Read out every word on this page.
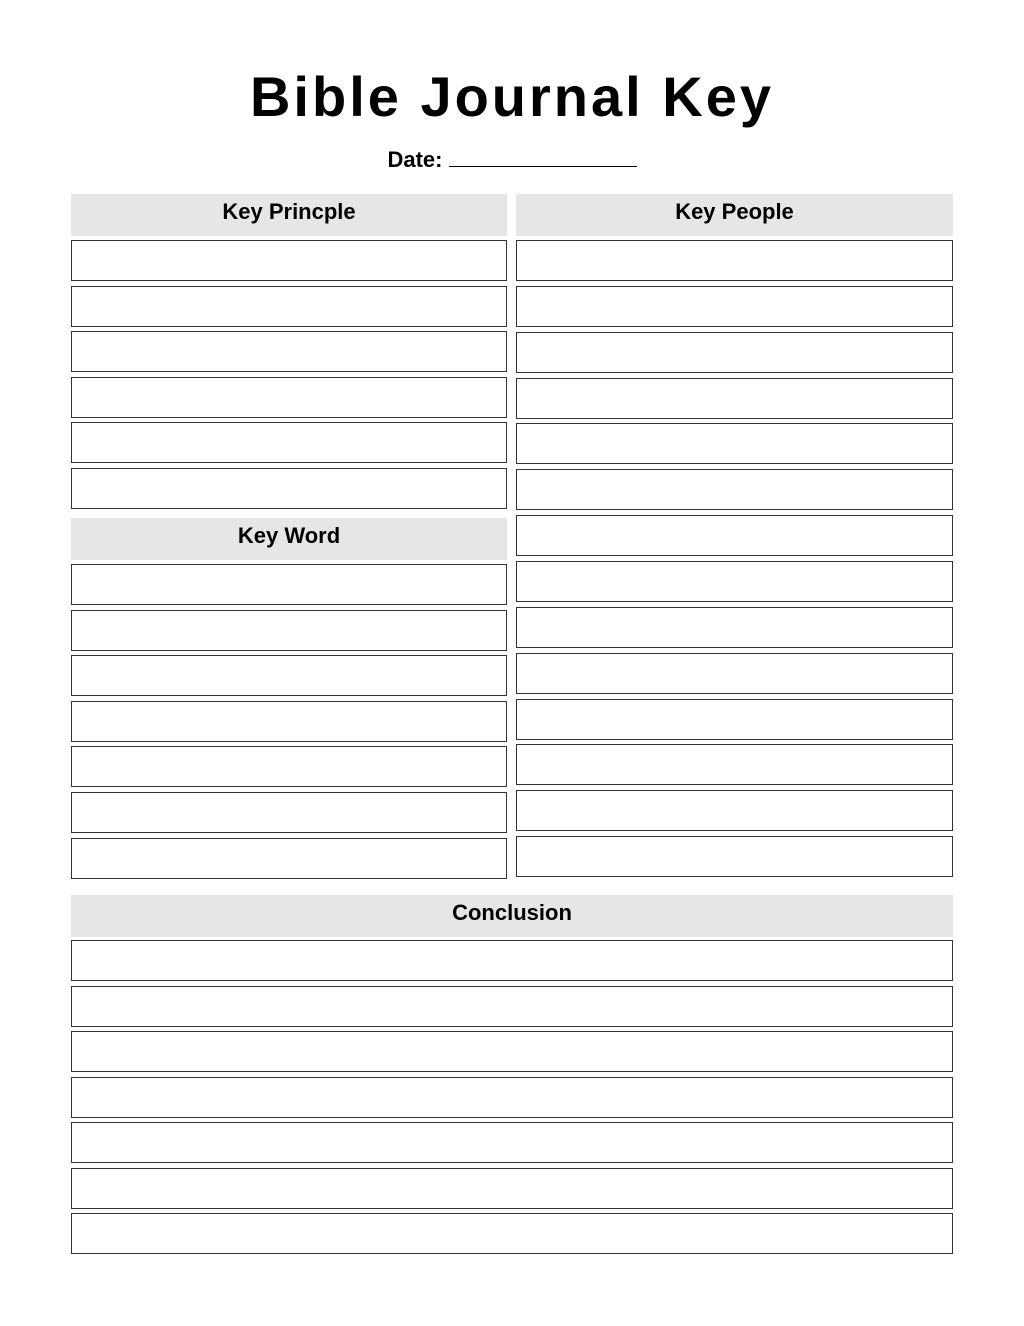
Bible Journal Key
Date:
Key Princple
Key Word
Key People
Conclusion
